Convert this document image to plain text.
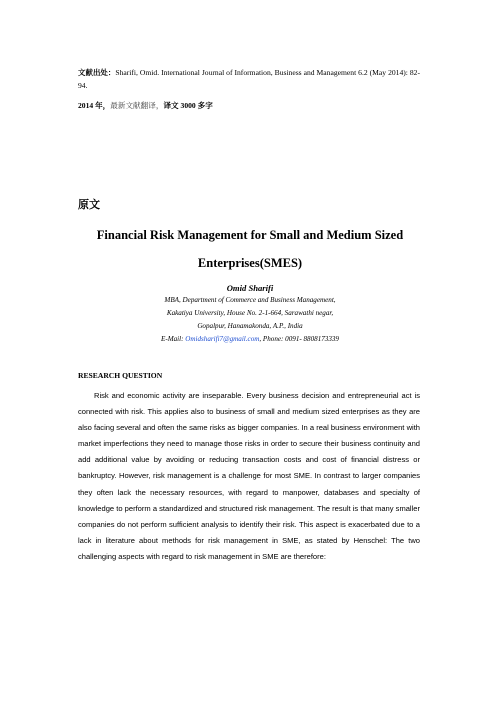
文献出处：Sharifi, Omid. International Journal of Information, Business and Management 6.2 (May 2014): 82-94.
2014 年，最新文献翻译，译文 3000 多字
原文
Financial Risk Management for Small and Medium Sized
Enterprises(SMES)
Omid Sharifi
MBA, Department of Commerce and Business Management,
Kakatiya University, House No. 2-1-664, Sarawathi negar,
Gopalpur, Hanamakonda, A.P., India
E-Mail: Omidsharifi7@gmail.com, Phone: 0091- 8808173339
RESEARCH QUESTION

Risk and economic activity are inseparable. Every business decision and entrepreneurial act is connected with risk. This applies also to business of small and medium sized enterprises as they are also facing several and often the same risks as bigger companies. In a real business environment with market imperfections they need to manage those risks in order to secure their business continuity and add additional value by avoiding or reducing transaction costs and cost of financial distress or bankruptcy. However, risk management is a challenge for most SME. In contrast to larger companies they often lack the necessary resources, with regard to manpower, databases and specialty of knowledge to perform a standardized and structured risk management. The result is that many smaller companies do not perform sufficient analysis to identify their risk. This aspect is exacerbated due to a lack in literature about methods for risk management in SME, as stated by Henschel: The two challenging aspects with regard to risk management in SME are therefore:
